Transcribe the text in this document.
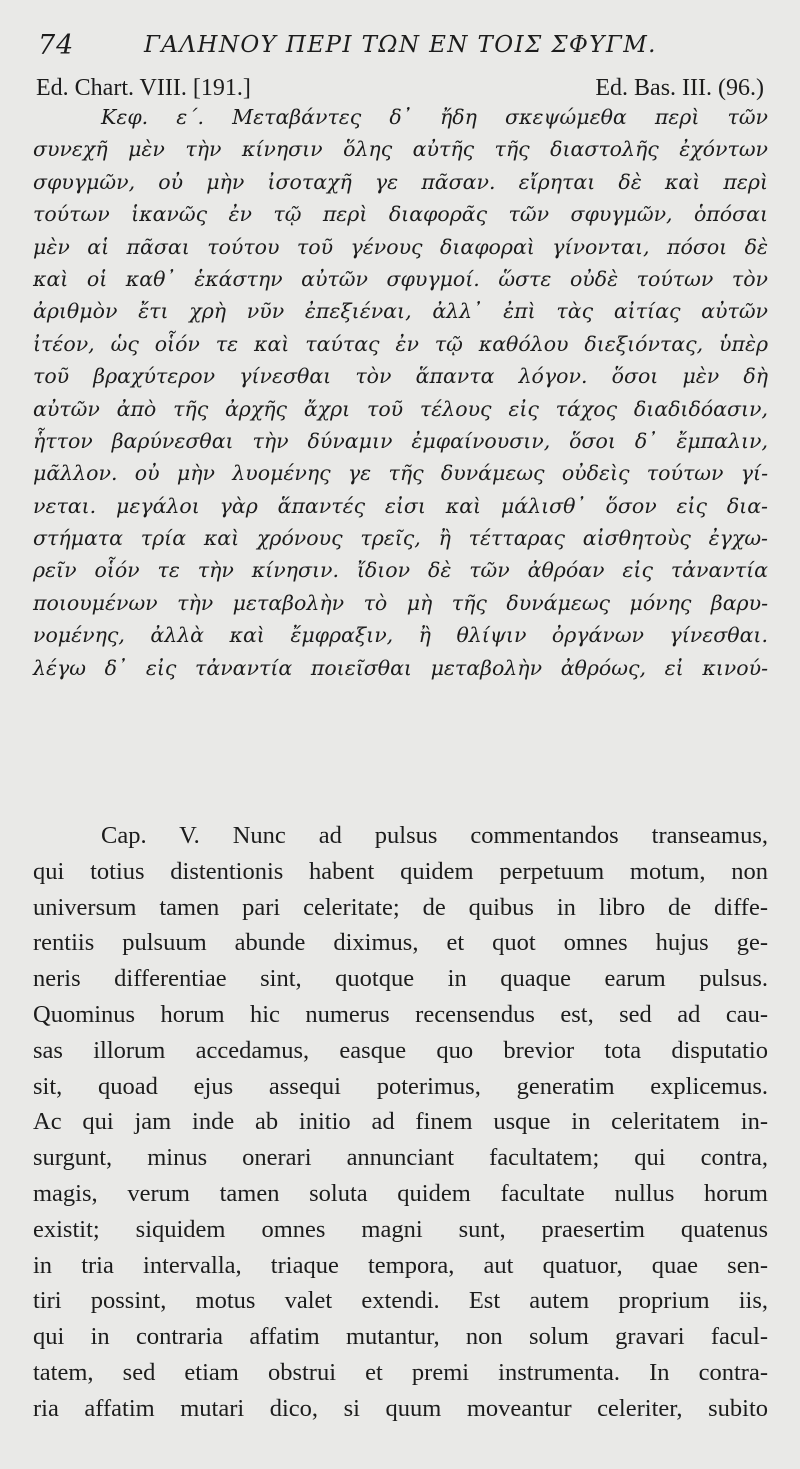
74	ΓΑΛΗΝΟΥ ΠΕΡΙ ΤΩΝ ΕΝ ΤΟΙΣ ΣΦΥΓΜ.
Ed. Chart. VIII. [191.]	Ed. Bas. III. (96.)
Κεφ. ε΄. Μεταβάντες δ᾽ ἤδη σκεψώμεθα περὶ τῶν
συνεχῆ μὲν τὴν κίνησιν ὅλης αὐτῆς τῆς διαστολῆς ἐχόντων
σφυγμῶν, οὐ μὴν ἰσοταχῆ γε πᾶσαν. εἴρηται δὲ καὶ περὶ
τούτων ἱκανῶς ἐν τῷ περὶ διαφορᾶς τῶν σφυγμῶν, ὁπόσαι
μὲν αἱ πᾶσαι τούτου τοῦ γένους διαφοραὶ γίνονται, πόσοι δὲ
καὶ οἱ καθ᾽ ἑκάστην αὐτῶν σφυγμοί. ὥστε οὐδὲ τούτων τὸν
ἀριθμὸν ἔτι χρὴ νῦν ἐπεξιέναι, ἀλλ᾽ ἐπὶ τὰς αἰτίας αὐτῶν
ἰτέον, ὡς οἷόν τε καὶ ταύτας ἐν τῷ καθόλου διεξιόντας, ὑπὲρ
τοῦ βραχύτερον γίνεσθαι τὸν ἅπαντα λόγον. ὅσοι μὲν δὴ
αὐτῶν ἀπὸ τῆς ἀρχῆς ἄχρι τοῦ τέλους εἰς τάχος διαδιδόασιν,
ἧττον βαρύνεσθαι τὴν δύναμιν ἐμφαίνουσιν, ὅσοι δ᾽ ἔμπαλιν,
μᾶλλον. οὐ μὴν λυομένης γε τῆς δυνάμεως οὐδεὶς τούτων γί-
νεται. μεγάλοι γὰρ ἅπαντές εἰσι καὶ μάλισθ᾽ ὅσον εἰς δια-
στήματα τρία καὶ χρόνους τρεῖς, ἢ τέτταρας αἰσθητοὺς ἐγχω-
ρεῖν οἷόν τε τὴν κίνησιν. ἴδιον δὲ τῶν ἀθρόαν εἰς τἀναντία
ποιουμένων τὴν μεταβολὴν τὸ μὴ τῆς δυνάμεως μόνης βαρυ-
νομένης, ἀλλὰ καὶ ἔμφραξιν, ἢ θλίψιν ὀργάνων γίνεσθαι.
λέγω δ᾽ εἰς τἀναντία ποιεῖσθαι μεταβολὴν ἀθρόως, εἰ κινού-
Cap. V. Nunc ad pulsus commentandos transeamus,
qui totius distentionis habent quidem perpetuum motum, non
universum tamen pari celeritate; de quibus in libro de diffe-
rentiis pulsuum abunde diximus, et quot omnes hujus ge-
neris differentiae sint, quotque in quaque earum pulsus.
Quominus horum hic numerus recensendus est, sed ad cau-
sas illorum accedamus, easque quo brevior tota disputatio
sit, quoad ejus assequi poterimus, generatim explicemus.
Ac qui jam inde ab initio ad finem usque in celeritatem in-
surgunt, minus onerari annunciant facultatem; qui contra,
magis, verum tamen soluta quidem facultate nullus horum
existit; siquidem omnes magni sunt, praesertim quatenus
in tria intervalla, triaque tempora, aut quatuor, quae sen-
tiri possint, motus valet extendi. Est autem proprium iis,
qui in contraria affatim mutantur, non solum gravari facul-
tatem, sed etiam obstrui et premi instrumenta. In contra-
ria affatim mutari dico, si quum moveantur celeriter, subito
